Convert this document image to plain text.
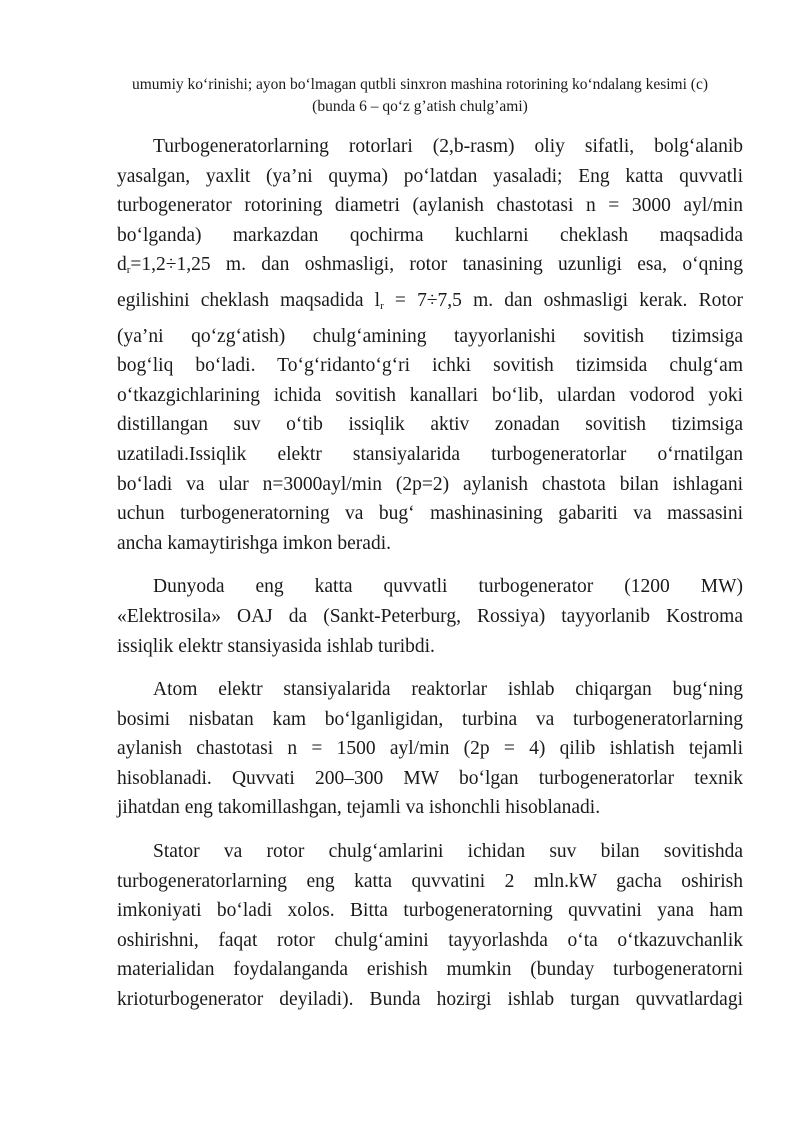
umumiy ko‘rinishi; ayon bo‘lmagan qutbli sinxron mashina rotorining ko‘ndalang kesimi (c)
(bunda 6 – qo‘z g’atish chulg’ami)
Turbogeneratorlarning rotorlari (2,b-rasm) oliy sifatli, bolg‘alanib
yasalgan, yaxlit (ya’ni quyma) po‘latdan yasaladi; Eng katta quvvatli
turbogenerator rotorining diametri (aylanish chastotasi n = 3000 ayl/min
bo‘lganda) markazdan qochirma kuchlarni cheklash maqsadida
$d_r=1,2\div 1,25$ m. dan oshmasligi, rotor tanasining uzunligi esa, o‘qning
egilishini cheklash maqsadida $l_r = 7\div 7,5$ m. dan oshmasligi kerak. Rotor
(ya’ni qo‘zg‘atish) chulg‘amining tayyorlanishi sovitish tizimsiga
bog‘liq bo‘ladi. To‘g‘ridanto‘g‘ri ichki sovitish tizimsida chulg‘am
o‘tkazgichlarining ichida sovitish kanallari bo‘lib, ulardan vodorod yoki
distillangan suv o‘tib issiqlik aktiv zonadan sovitish tizimsiga
uzatiladi.Issiqlik elektr stansiyalarida turbogeneratorlar o‘rnatilgan
bo‘ladi va ular n=3000ayl/min (2p=2) aylanish chastota bilan ishlagani
uchun turbogeneratorning va bug‘ mashinasining gabariti va massasini
ancha kamaytirishga imkon beradi.
Dunyoda eng katta quvvatli turbogenerator (1200 MW)
«Elektrosila» OAJ da (Sankt-Peterburg, Rossiya) tayyorlanib Kostroma
issiqlik elektr stansiyasida ishlab turibdi.
Atom elektr stansiyalarida reaktorlar ishlab chiqargan bug‘ning
bosimi nisbatan kam bo‘lganligidan, turbina va turbogeneratorlarning
aylanish chastotasi n = 1500 ayl/min (2p = 4) qilib ishlatish tejamli
hisoblanadi. Quvvati 200–300 MW bo‘lgan turbogeneratorlar texnik
jihatdan eng takomillashgan, tejamli va ishonchli hisoblanadi.
Stator va rotor chulg‘amlarini ichidan suv bilan sovitishda
turbogeneratorlarning eng katta quvvatini 2 mln.kW gacha oshirish
imkoniyati bo‘ladi xolos. Bitta turbogeneratorning quvvatini yana ham
oshirishni, faqat rotor chulg‘amini tayyorlashda o‘ta o‘tkazuvchanlik
materialidan foydalanganda erishish mumkin (bunday turbogeneratorni
krioturbogenerator deyiladi). Bunda hozirgi ishlab turgan quvvatlardagi
